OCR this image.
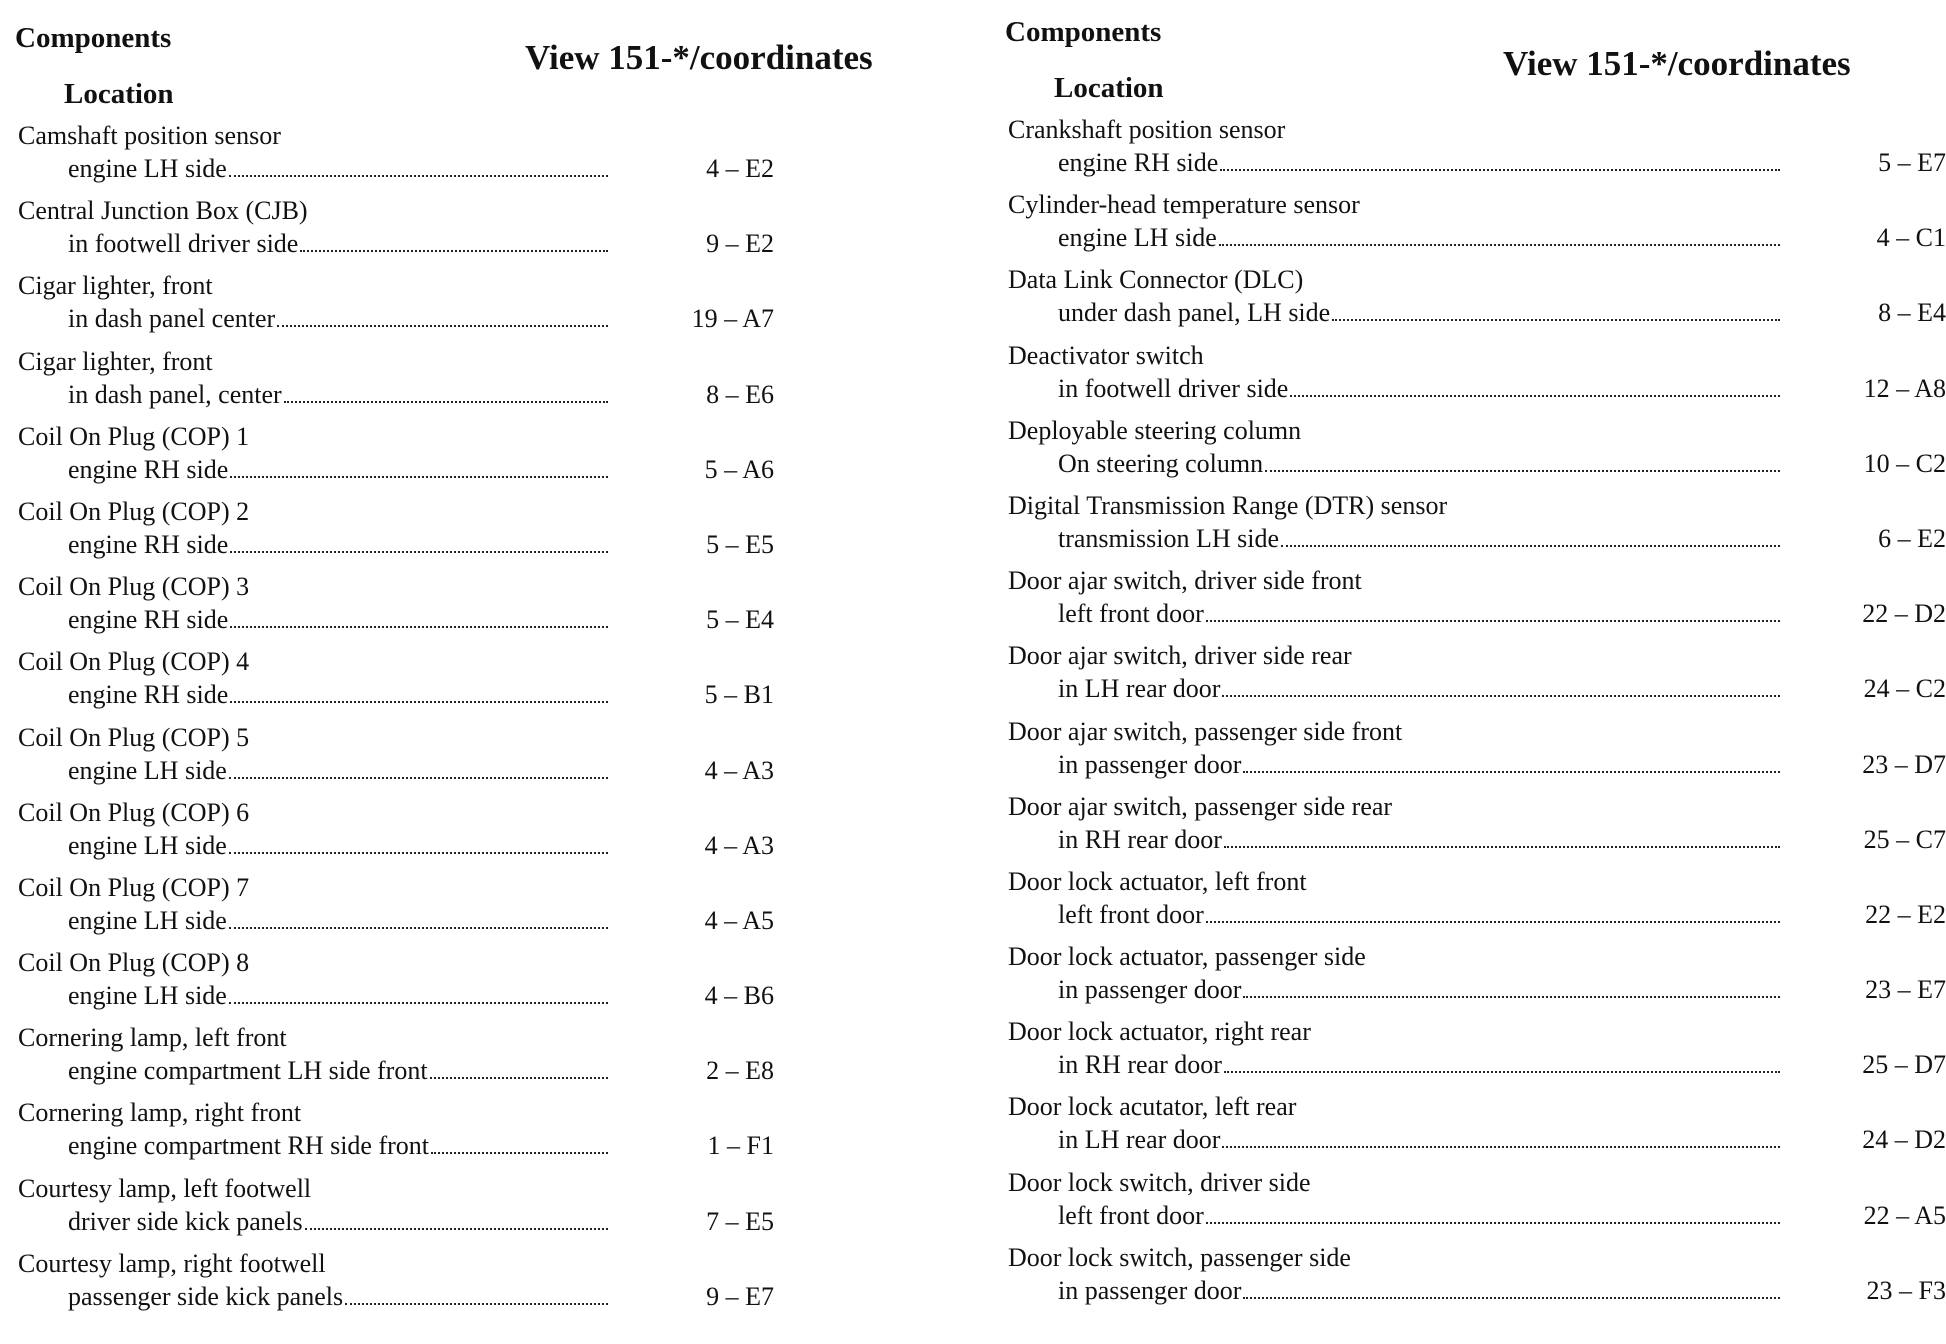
Components
Location
View 151-*/coordinates
Camshaft position sensor
engine LH side	4 – E2
Central Junction Box (CJB)
in footwell driver side	9 – E2
Cigar lighter, front
in dash panel center	19 – A7
Cigar lighter, front
in dash panel, center	8 – E6
Coil On Plug (COP) 1
engine RH side	5 – A6
Coil On Plug (COP) 2
engine RH side	5 – E5
Coil On Plug (COP) 3
engine RH side	5 – E4
Coil On Plug (COP) 4
engine RH side	5 – B1
Coil On Plug (COP) 5
engine LH side	4 – A3
Coil On Plug (COP) 6
engine LH side	4 – A3
Coil On Plug (COP) 7
engine LH side	4 – A5
Coil On Plug (COP) 8
engine LH side	4 – B6
Cornering lamp, left front
engine compartment LH side front	2 – E8
Cornering lamp, right front
engine compartment RH side front	1 – F1
Courtesy lamp, left footwell
driver side kick panels	7 – E5
Courtesy lamp, right footwell
passenger side kick panels	9 – E7
Components
Location
View 151-*/coordinates
Crankshaft position sensor
engine RH side	5 – E7
Cylinder-head temperature sensor
engine LH side	4 – C1
Data Link Connector (DLC)
under dash panel, LH side	8 – E4
Deactivator switch
in footwell driver side	12 – A8
Deployable steering column
On steering column	10 – C2
Digital Transmission Range (DTR) sensor
transmission LH side	6 – E2
Door ajar switch, driver side front
left front door	22 – D2
Door ajar switch, driver side rear
in LH rear door	24 – C2
Door ajar switch, passenger side front
in passenger door	23 – D7
Door ajar switch, passenger side rear
in RH rear door	25 – C7
Door lock actuator, left front
left front door	22 – E2
Door lock actuator, passenger side
in passenger door	23 – E7
Door lock actuator, right rear
in RH rear door	25 – D7
Door lock acutator, left rear
in LH rear door	24 – D2
Door lock switch, driver side
left front door	22 – A5
Door lock switch, passenger side
in passenger door	23 – F3
